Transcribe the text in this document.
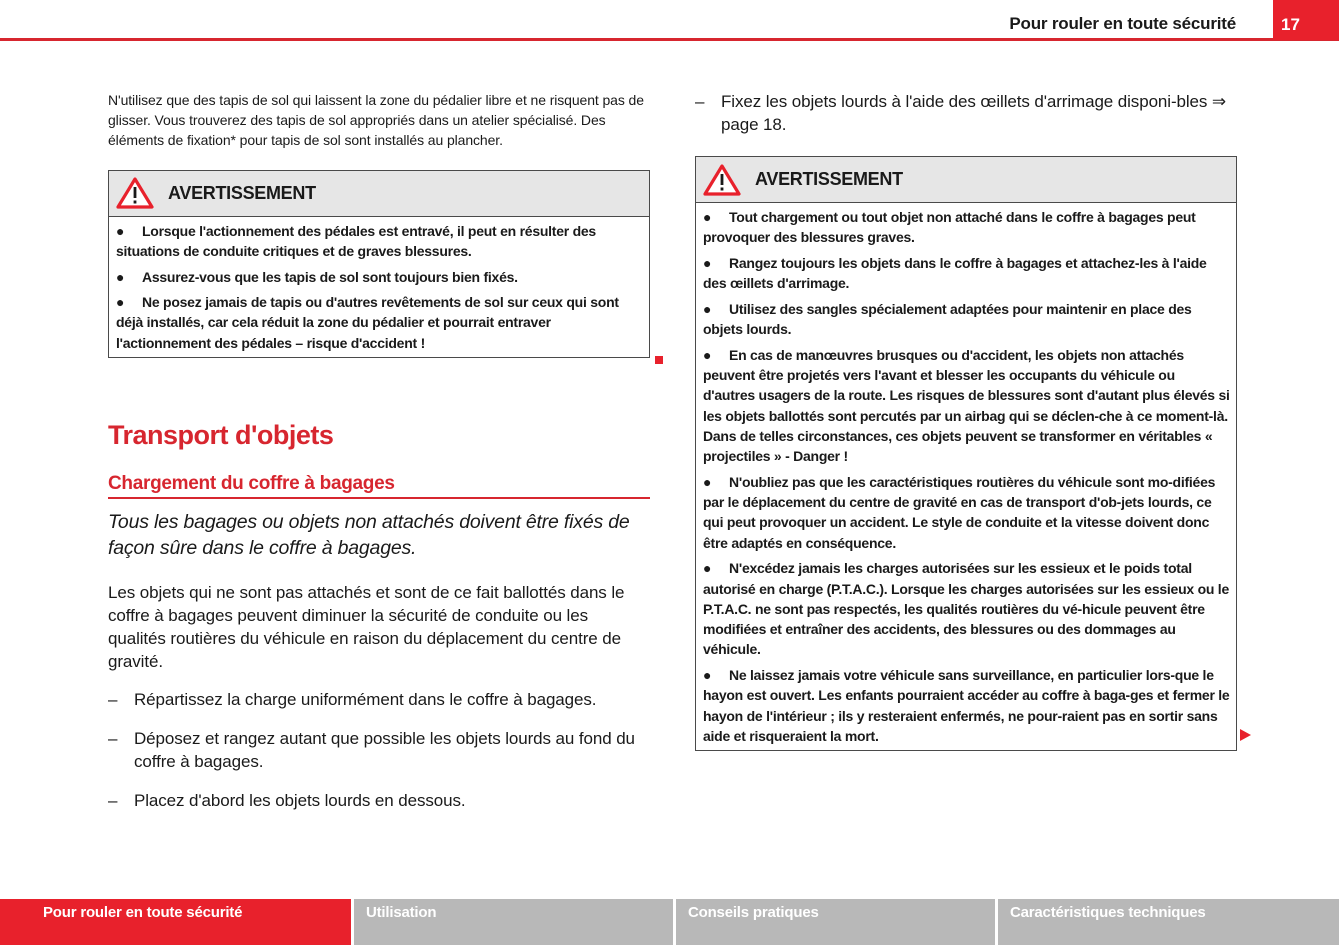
Pour rouler en toute sécurité	17

N'utilisez que des tapis de sol qui laissent la zone du pédalier libre et ne risquent pas de glisser. Vous trouverez des tapis de sol appropriés dans un atelier spécialisé. Des éléments de fixation* pour tapis de sol sont installés au plancher.

AVERTISSEMENT

● Lorsque l'actionnement des pédales est entravé, il peut en résulter des situations de conduite critiques et de graves blessures.

● Assurez-vous que les tapis de sol sont toujours bien fixés.

● Ne posez jamais de tapis ou d'autres revêtements de sol sur ceux qui sont déjà installés, car cela réduit la zone du pédalier et pourrait entraver l'actionnement des pédales – risque d'accident !

Transport d'objets
Chargement du coffre à bagages

Tous les bagages ou objets non attachés doivent être fixés de façon sûre dans le coffre à bagages.

Les objets qui ne sont pas attachés et sont de ce fait ballottés dans le coffre à bagages peuvent diminuer la sécurité de conduite ou les qualités routières du véhicule en raison du déplacement du centre de gravité.

– Répartissez la charge uniformément dans le coffre à bagages.
– Déposez et rangez autant que possible les objets lourds au fond du coffre à bagages.
– Placez d'abord les objets lourds en dessous.
– Fixez les objets lourds à l'aide des œillets d'arrimage disponi-bles ⇒ page 18.
AVERTISSEMENT

● Tout chargement ou tout objet non attaché dans le coffre à bagages peut provoquer des blessures graves.

● Rangez toujours les objets dans le coffre à bagages et attachez-les à l'aide des œillets d'arrimage.

● Utilisez des sangles spécialement adaptées pour maintenir en place des objets lourds.

● En cas de manœuvres brusques ou d'accident, les objets non attachés peuvent être projetés vers l'avant et blesser les occupants du véhicule ou d'autres usagers de la route. Les risques de blessures sont d'autant plus élevés si les objets ballottés sont percutés par un airbag qui se déclen-che à ce moment-là. Dans de telles circonstances, ces objets peuvent se transformer en véritables « projectiles » - Danger !

● N'oubliez pas que les caractéristiques routières du véhicule sont mo-difiées par le déplacement du centre de gravité en cas de transport d'ob-jets lourds, ce qui peut provoquer un accident. Le style de conduite et la vitesse doivent donc être adaptés en conséquence.

● N'excédez jamais les charges autorisées sur les essieux et le poids total autorisé en charge (P.T.A.C.). Lorsque les charges autorisées sur les essieux ou le P.T.A.C. ne sont pas respectés, les qualités routières du vé-hicule peuvent être modifiées et entraîner des accidents, des blessures ou des dommages au véhicule.

● Ne laissez jamais votre véhicule sans surveillance, en particulier lors-que le hayon est ouvert. Les enfants pourraient accéder au coffre à baga-ges et fermer le hayon de l'intérieur ; ils y resteraient enfermés, ne pour-raient pas en sortir sans aide et risqueraient la mort.

Pour rouler en toute sécurité	Utilisation	Conseils pratiques	Caractéristiques techniques
